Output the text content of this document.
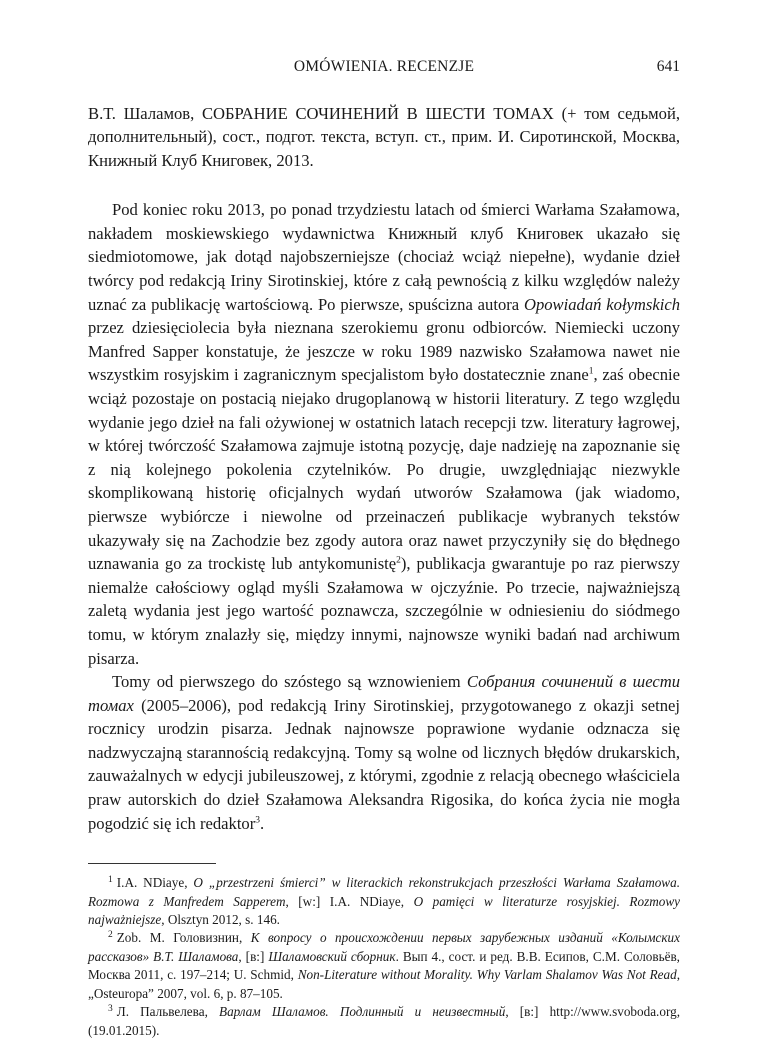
OMÓWIENIA. RECENZJE	641
В.Т. Шаламов, СОБРАНИЕ СОЧИНЕНИЙ В ШЕСТИ ТОМАХ (+ том седьмой, дополнительный), сост., подгот. текста, вступ. ст., прим. И. Сиротинской, Москва, Книжный Клуб Книговек, 2013.

Pod koniec roku 2013, po ponad trzydziestu latach od śmierci Warłama Szałamowa, nakładem moskiewskiego wydawnictwa Книжный клуб Книговек ukazało się siedmiotomowe, jak dotąd najobszerniejsze (chociaż wciąż niepełne), wydanie dzieł twórcy pod redakcją Iriny Sirotinskiej, które z całą pewnością z kilku względów należy uznać za publikację wartościową. Po pierwsze, spuścizna autora Opowiadań kołymskich przez dziesięciolecia była nieznana szerokiemu gronu odbiorców. Niemiecki uczony Manfred Sapper konstatuje, że jeszcze w roku 1989 nazwisko Szałamowa nawet nie wszystkim rosyjskim i zagranicznym specjalistom było dostatecznie znane$^1$, zaś obecnie wciąż pozostaje on postacią niejako drugoplanową w historii literatury. Z tego względu wydanie jego dzieł na fali ożywionej w ostatnich latach recepcji tzw. literatury łagrowej, w której twórczość Szałamowa zajmuje istotną pozycję, daje nadzieję na zapoznanie się z nią kolejnego pokolenia czytelników. Po drugie, uwzględniając niezwykle skomplikowaną historię oficjalnych wydań utworów Szałamowa (jak wiadomo, pierwsze wybiórcze i niewolne od przeinaczeń publikacje wybranych tekstów ukazywały się na Zachodzie bez zgody autora oraz nawet przyczyniły się do błędnego uznawania go za trockistę lub antykomunistę$^2$), publikacja gwarantuje po raz pierwszy niemalże całościowy ogląd myśli Szałamowa w ojczyźnie. Po trzecie, najważniejszą zaletą wydania jest jego wartość poznawcza, szczególnie w odniesieniu do siódmego tomu, w którym znalazły się, między innymi, najnowsze wyniki badań nad archiwum pisarza.

Tomy od pierwszego do szóstego są wznowieniem Собрания сочинений в шести томах (2005–2006), pod redakcją Iriny Sirotinskiej, przygotowanego z okazji setnej rocznicy urodzin pisarza. Jednak najnowsze poprawione wydanie odznacza się nadzwyczajną starannością redakcyjną. Tomy są wolne od licznych błędów drukarskich, zauważalnych w edycji jubileuszowej, z którymi, zgodnie z relacją obecnego właściciela praw autorskich do dzieł Szałamowa Aleksandra Rigosika, do końca życia nie mogła pogodzić się ich redaktor$^3$.

$^1$ I.A. NDiaye, O „przestrzeni śmierci” w literackich rekonstrukcjach przeszłości Warłama Szałamowa. Rozmowa z Manfredem Sapperem, [w:] I.A. NDiaye, O pamięci w literaturze rosyjskiej. Rozmowy najważniejsze, Olsztyn 2012, s. 146.

$^2$ Zob. М. Головизнин, К вопросу о происхождении первых зарубежных изданий «Колымских рассказов» В.Т. Шаламова, [в:] Шаламовский сборник. Вып 4., сост. и ред. В.В. Есипов, С.М. Соловьёв, Москва 2011, с. 197–214; U. Schmid, Non-Literature without Morality. Why Varlam Shalamov Was Not Read, „Osteuropa” 2007, vol. 6, p. 87–105.

$^3$ Л. Пальвелева, Варлам Шаламов. Подлинный и неизвестный, [в:] http://www.svoboda.org, (19.01.2015).
